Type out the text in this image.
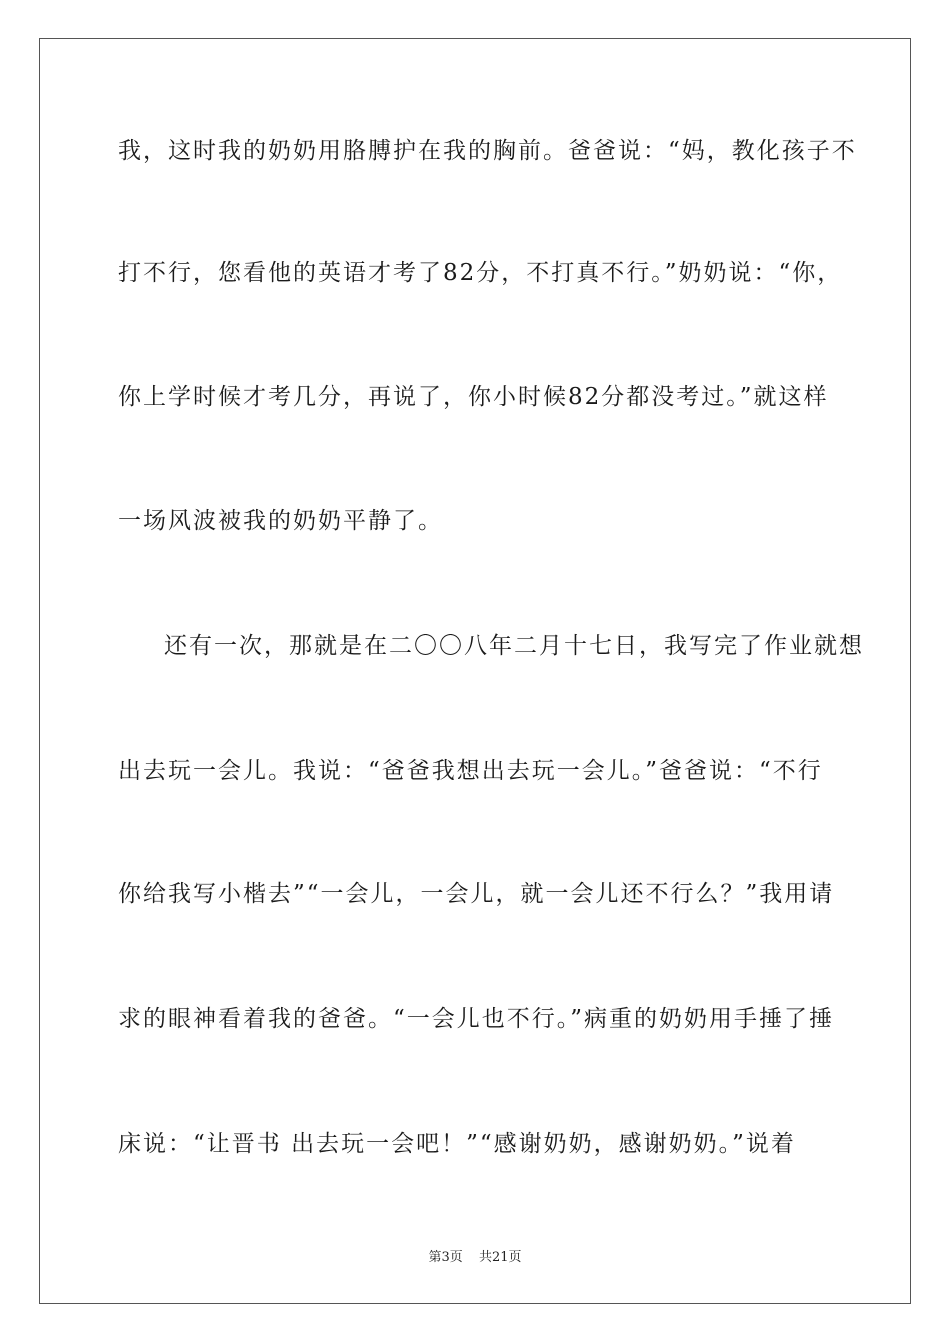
我，这时我的奶奶用胳膊护在我的胸前。爸爸说：“妈，教化孩子不
打不行，您看他的英语才考了82分，不打真不行。”奶奶说：“你，
你上学时候才考几分，再说了，你小时候82分都没考过。”就这样
一场风波被我的奶奶平静了。
还有一次，那就是在二〇〇八年二月十七日，我写完了作业就想
出去玩一会儿。我说：“爸爸我想出去玩一会儿。”爸爸说：“不行
你给我写小楷去”“一会儿，一会儿，就一会儿还不行么？”我用请
求的眼神看着我的爸爸。“一会儿也不行。”病重的奶奶用手捶了捶
床说：“让晋书 出去玩一会吧！”“感谢奶奶，感谢奶奶。”说着
第3页 共21页
